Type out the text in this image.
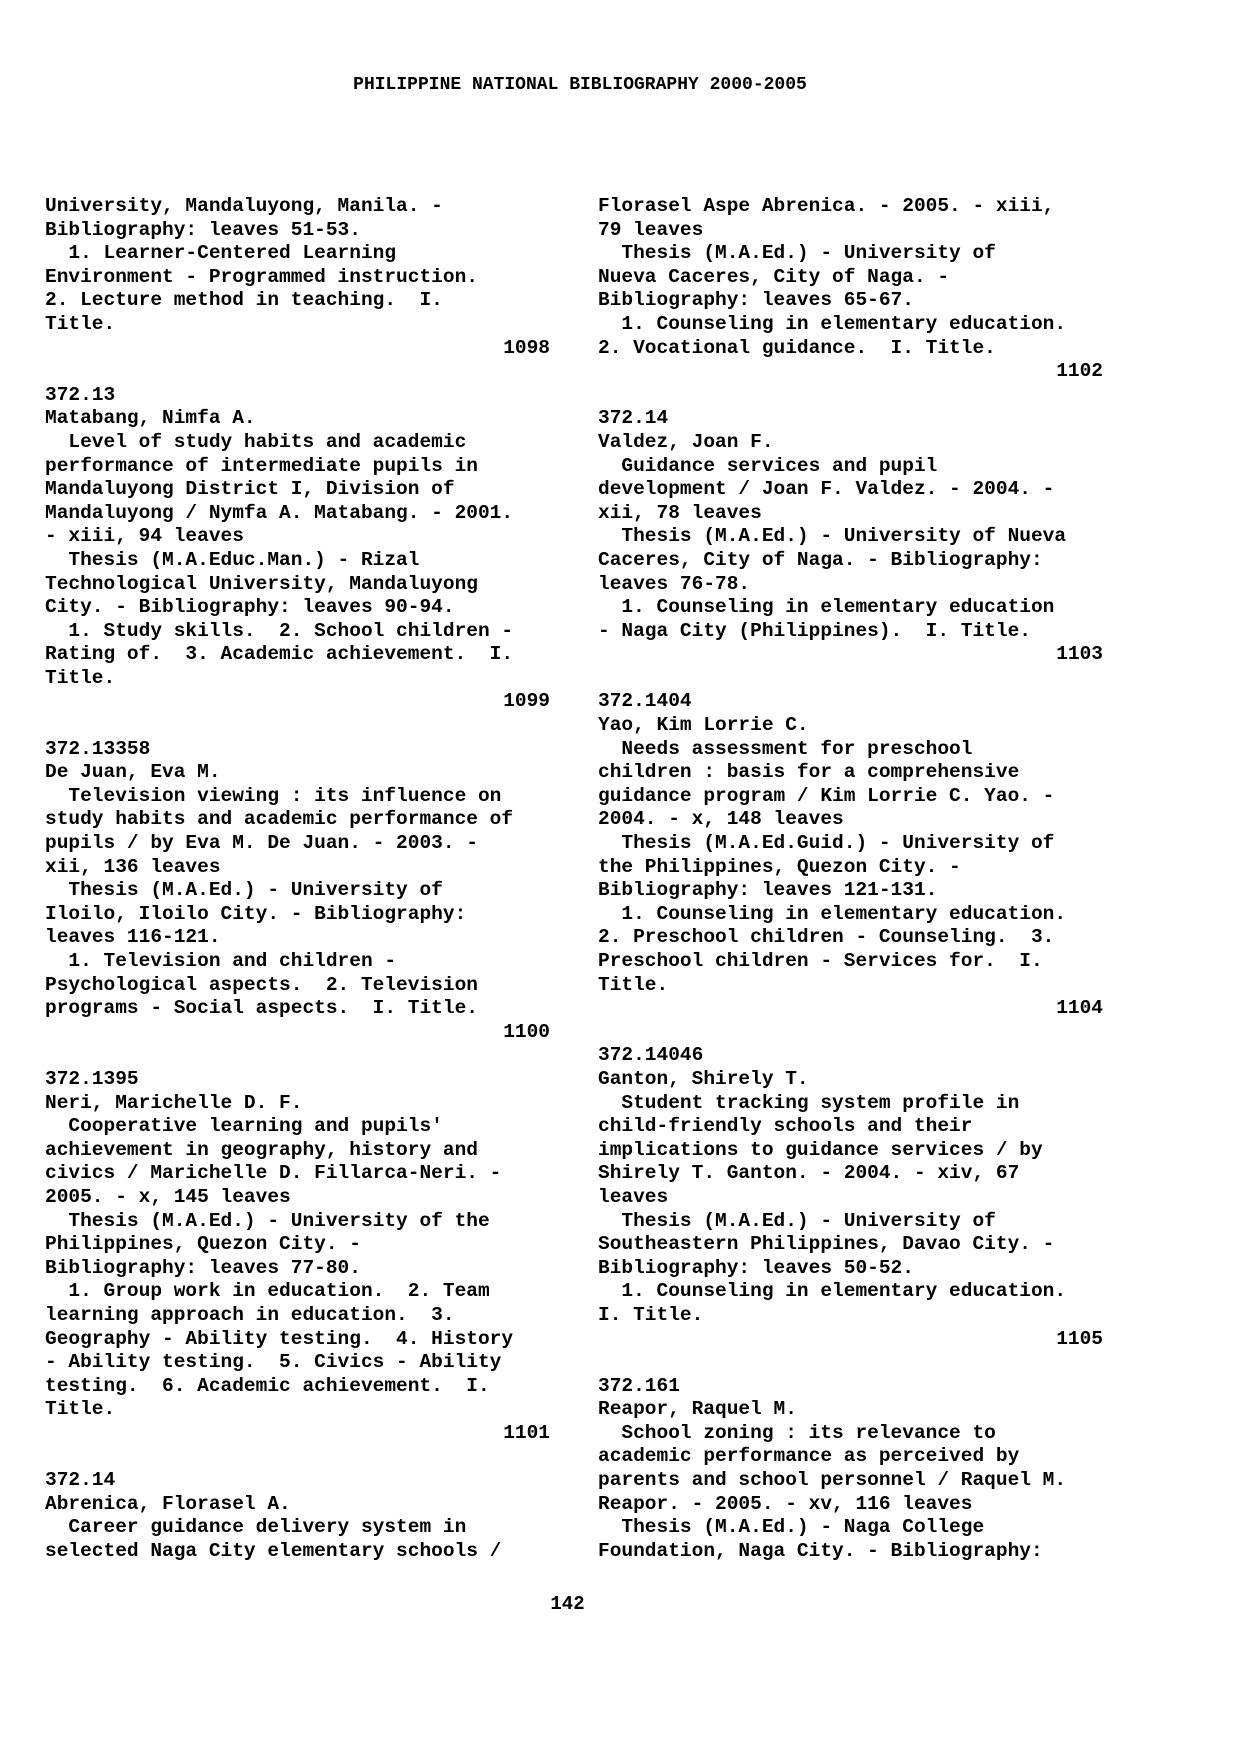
PHILIPPINE NATIONAL BIBLIOGRAPHY 2000-2005
University, Mandaluyong, Manila. -
Bibliography: leaves 51-53.
1. Learner-Centered Learning
Environment - Programmed instruction.
2. Lecture method in teaching.  I.
Title.
1098
372.13
Matabang, Nimfa A.
Level of study habits and academic
performance of intermediate pupils in
Mandaluyong District I, Division of
Mandaluyong / Nymfa A. Matabang. - 2001.
- xiii, 94 leaves
Thesis (M.A.Educ.Man.) - Rizal
Technological University, Mandaluyong
City. - Bibliography: leaves 90-94.
1. Study skills.  2. School children -
Rating of.  3. Academic achievement.  I.
Title.
1099
372.13358
De Juan, Eva M.
Television viewing : its influence on
study habits and academic performance of
pupils / by Eva M. De Juan. - 2003. -
xii, 136 leaves
Thesis (M.A.Ed.) - University of
Iloilo, Iloilo City. - Bibliography:
leaves 116-121.
1. Television and children -
Psychological aspects.  2. Television
programs - Social aspects.  I. Title.
1100
372.1395
Neri, Marichelle D. F.
Cooperative learning and pupils'
achievement in geography, history and
civics / Marichelle D. Fillarca-Neri. -
2005. - x, 145 leaves
Thesis (M.A.Ed.) - University of the
Philippines, Quezon City. -
Bibliography: leaves 77-80.
1. Group work in education.  2. Team
learning approach in education.  3.
Geography - Ability testing.  4. History
- Ability testing.  5. Civics - Ability
testing.  6. Academic achievement.  I.
Title.
1101
372.14
Abrenica, Florasel A.
Career guidance delivery system in
selected Naga City elementary schools /
Florasel Aspe Abrenica. - 2005. - xiii,
79 leaves
Thesis (M.A.Ed.) - University of
Nueva Caceres, City of Naga. -
Bibliography: leaves 65-67.
1. Counseling in elementary education.
2. Vocational guidance.  I. Title.
1102
372.14
Valdez, Joan F.
Guidance services and pupil
development / Joan F. Valdez. - 2004. -
xii, 78 leaves
Thesis (M.A.Ed.) - University of Nueva
Caceres, City of Naga. - Bibliography:
leaves 76-78.
1. Counseling in elementary education
- Naga City (Philippines).  I. Title.
1103
372.1404
Yao, Kim Lorrie C.
Needs assessment for preschool
children : basis for a comprehensive
guidance program / Kim Lorrie C. Yao. -
2004. - x, 148 leaves
Thesis (M.A.Ed.Guid.) - University of
the Philippines, Quezon City. -
Bibliography: leaves 121-131.
1. Counseling in elementary education.
2. Preschool children - Counseling.  3.
Preschool children - Services for.  I.
Title.
1104
372.14046
Ganton, Shirely T.
Student tracking system profile in
child-friendly schools and their
implications to guidance services / by
Shirely T. Ganton. - 2004. - xiv, 67
leaves
Thesis (M.A.Ed.) - University of
Southeastern Philippines, Davao City. -
Bibliography: leaves 50-52.
1. Counseling in elementary education.
I. Title.
1105
372.161
Reapor, Raquel M.
School zoning : its relevance to
academic performance as perceived by
parents and school personnel / Raquel M.
Reapor. - 2005. - xv, 116 leaves
Thesis (M.A.Ed.) - Naga College
Foundation, Naga City. - Bibliography:
142
